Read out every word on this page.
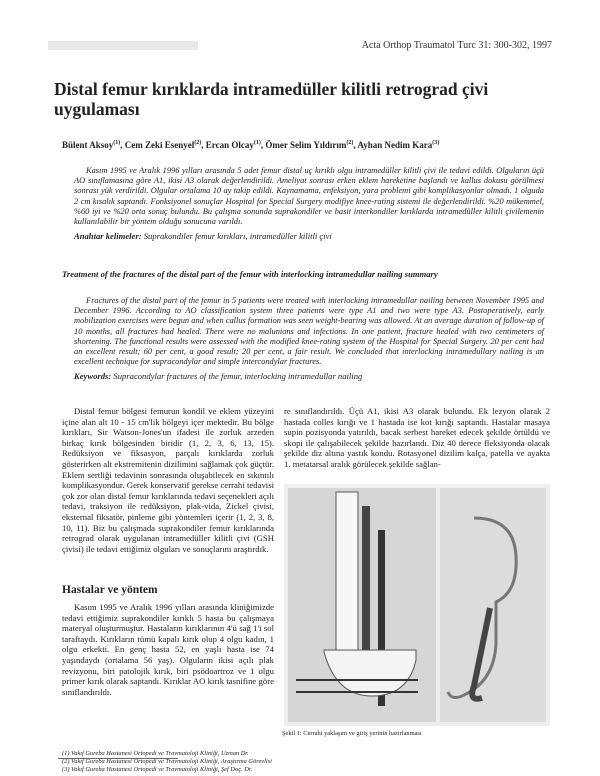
Acta Orthop Traumatol Turc 31: 300-302, 1997
Distal femur kırıklarda intramedüller kilitli retrograd çivi uygulaması
Bülent Aksoy$^{(1)}$, Cem Zeki Esenyel$^{(2)}$, Ercan Olcay$^{(1)}$, Ömer Selim Yıldırım$^{(2)}$, Ayhan Nedim Kara$^{(3)}$

Kasım 1995 ve Aralık 1996 yılları arasında 5 adet femur distal uç kırıklı olgu intramedüller kilitli çivi ile tedavi edildi. Olguların üçü AO sınıflamasına göre A1, ikisi A3 olarak değerlendirildi. Ameliyat sonrası erken eklem hareketine başlandı ve kallus dokusu görülmesi sonrası yük verdirildi. Olgular ortalama 10 ay takip edildi. Kaynamama, enfeksiyon, yara problemi gibi komplikasyonlar olmadı. 1 olguda 2 cm kısalık saptandı. Fonksiyonel sonuçlar Hospital for Special Surgery modifiye knee-rating sistemi ile değerlendirildi. %20 mükemmel, %60 iyi ve %20 orta sonuç bulundu. Bu çalışma sonunda suprakondiler ve basit interkondiler kırıklarda intramedüller kilitli çivilemenin kullanılabilir bir yöntem olduğu sonucuna varıldı.

Anahtar kelimeler: Suprakondiler femur kırıkları, intramedüller kilitli çivi
Treatment of the fractures of the distal part of the femur with interlocking intramedullar nailing summary

Fractures of the distal part of the femur in 5 patients were treated with interlocking intramedullar nailing between November 1995 and December 1996. According to AO classification system three patients were type A1 and two were type A3. Postoperatively, early mobilization exercises were begun and when callus formation was seen weight-bearing was allowed. At an average duration of follow-up of 10 months, all fractures had healed. There were no malunions and infections. In one patient, fracture healed with two centimeters of shortening. The functional results were assessed with the modified knee-rating system of the Hospital for Special Surgery. 20 per cent had an excellent result; 60 per cent, a good result; 20 per cent, a fair result. We concluded that interlocking intramedullary nailing is an excellent technique for supracondylar and simple intercondylar fractures.

Keywords: Supracondylar fractures of the femur, interlocking intramedullar nailing

Distal femur bölgesi femurun kondil ve eklem yüzeyini içine alan alt 10 - 15 cm'lik bölgeyi içer mektedir. Bu bölge kırıkları, Sir Watson-Jones'un ifadesi ile zorluk arzeden birkaç kırık bölgesinden biridir (1, 2, 3, 6, 13, 15). Redüksiyon ve fiksasyon, parçalı kırıklarda zorluk gösterirken alt ekstremitenin dizilimini sağlamak çok güçtür. Eklem sertliği tedavinin sonrasında oluşabilecek en sıkıntılı komplikasyondur. Gerek konservatif gerekse cerrahi tedavisi çok zor olan distal femur kırıklarında tedavi seçenekleri açılı tedavi, traksiyon ile redüksiyon, plak-vida, Zickel çivisi, eksternal fiksatör, pinleme gibi yöntemleri içerir (1, 2, 3, 8, 10, 11). Biz bu çalışmada suprakondiler femur kırıklarında retrograd olarak uygulanan intramedüller kilitli çivi (GSH çivisi) ile tedavi ettiğimiz olguları ve sonuçlarını araştırdık.

Hastalar ve yöntem

Kasım 1995 ve Aralık 1996 yılları arasında kliniğimizde tedavi ettiğimiz suprakondiler kırıklı 5 hasta bu çalışmaya materyal oluşturmuştur. Hastaların kırıklarının 4'ü sağ 1'i sol taraftaydı. Kırıkların tümü kapalı kırık olup 4 olgu kadın, 1 olgu erkekti. En genç hasta 52, en yaşlı hasta ise 74 yaşındaydı (ortalama 56 yaş). Olguların ikisi açılı plak revizyonu, biri patolojik kırık, biri psödoartroz ve 1 olgu primer kırık olarak saptandı. Kırıklar AO kırık tasnifine göre sınıflandırıldı.

re sınıflandırıldı. Üçü A1, ikisi A3 olarak bulundu. Ek lezyon olarak 2 hastada colles kırığı ve 1 hastada ise kot kırığı saptandı. Hastalar masaya supin pozisyonda yatırıldı, bacak serbest hareket edecek şekilde örtüldü ve skopi ile çalışabilecek şekilde hazırlandı. Diz 40 derece fleksiyonda olacak şekilde diz altına yastık kondu. Rotasyonel dizilim kalça, patella ve ayakta 1. metatarsal aralık görülecek şekilde sağlan-

Şekil 1: Cerrahi yaklaşım ve giriş yerinin hazırlanması
(1) Vakıf Gureba Hastanesi Ortopedi ve Travmatoloji Kliniği, Uzman Dr.
(2) Vakıf Gureba Hastanesi Ortopedi ve Travmatoloji Kliniği, Araştırma Görevlisi
(3) Vakıf Gureba Hastanesi Ortopedi ve Travmatoloji Kliniği, Şef Doç. Dr.
